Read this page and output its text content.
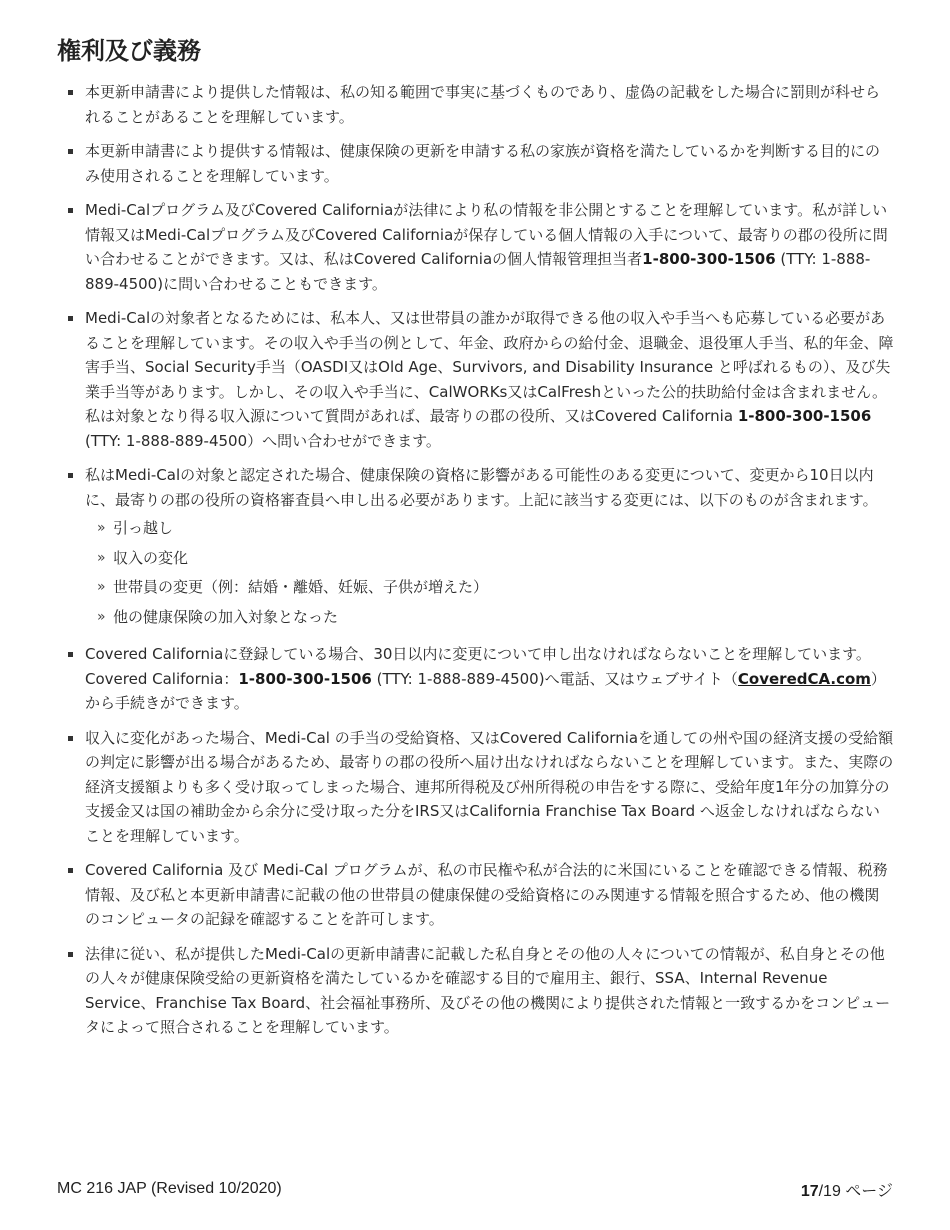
権利及び義務
本更新申請書により提供した情報は、私の知る範囲で事実に基づくものであり、虚偽の記載をした場合に罰則が科せられることがあることを理解しています。
本更新申請書により提供する情報は、健康保険の更新を申請する私の家族が資格を満たしているかを判断する目的にのみ使用されることを理解しています。
Medi-Calプログラム及びCovered Californiaが法律により私の情報を非公開とすることを理解しています。私が詳しい情報又はMedi-Calプログラム及びCovered Californiaが保存している個人情報の入手について、最寄りの郡の役所に問い合わせることができます。又は、私はCovered Californiaの個人情報管理担当者1-800-300-1506 (TTY: 1-888-889-4500)に問い合わせることもできます。
Medi-Calの対象者となるためには、私本人、又は世帯員の誰かが取得できる他の収入や手当へも応募している必要があることを理解しています。その収入や手当の例として、年金、政府からの給付金、退職金、退役軍人手当、私的年金、障害手当、Social Security手当（OASDI又はOld Age、Survivors, and Disability Insurance と呼ばれるもの）、及び失業手当等があります。しかし、その収入や手当に、CalWORKs又はCalFreshといった公的扶助給付金は含まれません。私は対象となり得る収入源について質問があれば、最寄りの郡の役所、又はCovered California 1-800-300-1506 (TTY: 1-888-889-4500）へ問い合わせができます。
私はMedi-Calの対象と認定された場合、健康保険の資格に影響がある可能性のある変更について、変更から10日以内に、最寄りの郡の役所の資格審査員へ申し出る必要があります。上記に該当する変更には、以下のものが含まれます。
» 引っ越し
» 収入の変化
» 世帯員の変更（例：結婚・離婚、妊娠、子供が増えた）
» 他の健康保険の加入対象となった
Covered Californiaに登録している場合、30日以内に変更について申し出なければならないことを理解しています。Covered California：1-800-300-1506 (TTY: 1-888-889-4500)へ電話、又はウェブサイト（CoveredCA.com）から手続きができます。
収入に変化があった場合、Medi-Cal の手当の受給資格、又はCovered Californiaを通しての州や国の経済支援の受給額の判定に影響が出る場合があるため、最寄りの郡の役所へ届け出なければならないことを理解しています。また、実際の経済支援額よりも多く受け取ってしまった場合、連邦所得税及び州所得税の申告をする際に、受給年度1年分の加算分の支援金又は国の補助金から余分に受け取った分をIRS又はCalifornia Franchise Tax Board へ返金しなければならないことを理解しています。
Covered California 及び Medi-Cal プログラムが、私の市民権や私が合法的に米国にいることを確認できる情報、税務情報、及び私と本更新申請書に記載の他の世帯員の健康保健の受給資格にのみ関連する情報を照合するため、他の機関のコンピュータの記録を確認することを許可します。
法律に従い、私が提供したMedi-Calの更新申請書に記載した私自身とその他の人々についての情報が、私自身とその他の人々が健康保険受給の更新資格を満たしているかを確認する目的で雇用主、銀行、SSA、Internal Revenue Service、Franchise Tax Board、社会福祉事務所、及びその他の機関により提供された情報と一致するかをコンピュータによって照合されることを理解しています。
MC 216 JAP (Revised 10/2020)	17/19 ページ
